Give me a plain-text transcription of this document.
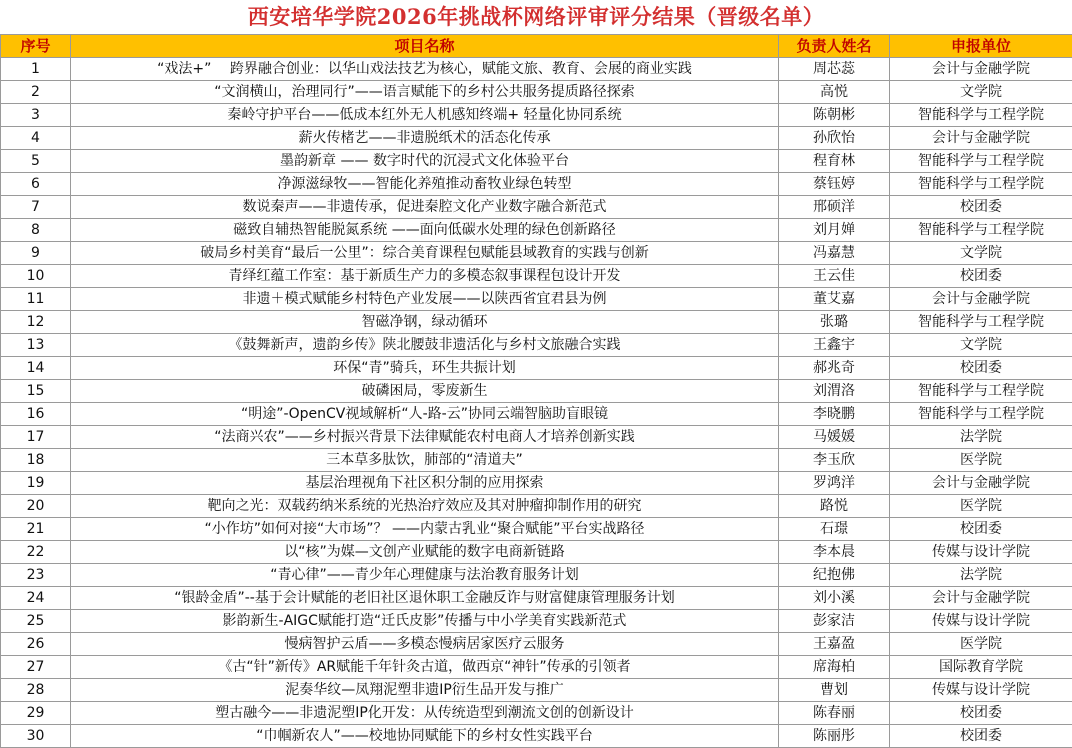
西安培华学院2026年挑战杯网络评审评分结果（晋级名单）
序号	项目名称	负责人姓名	申报单位
1	“戏法+”　 跨界融合创业：以华山戏法技艺为核心，赋能文旅、教育、会展的商业实践	周芯蕊	会计与金融学院
2	“文润横山，治理同行”——语言赋能下的乡村公共服务提质路径探索	高悦	文学院
3	秦岭守护平台——低成本红外无人机感知终端+ 轻量化协同系统	陈朝彬	智能科学与工程学院
4	薪火传楮艺——非遗脱纸术的活态化传承	孙欣怡	会计与金融学院
5	墨韵新章 —— 数字时代的沉浸式文化体验平台	程育林	智能科学与工程学院
6	净源滋绿牧——智能化养殖推动畜牧业绿色转型	蔡钰婷	智能科学与工程学院
7	数说秦声——非遗传承，促进秦腔文化产业数字融合新范式	邢硕洋	校团委
8	磁致自辅热智能脱氮系统 ——面向低碳水处理的绿色创新路径	刘月婵	智能科学与工程学院
9	破局乡村美育“最后一公里”：综合美育课程包赋能县域教育的实践与创新	冯嘉慧	文学院
10	青绎红蕴工作室：基于新质生产力的多模态叙事课程包设计开发	王云佳	校团委
11	非遗＋模式赋能乡村特色产业发展——以陕西省宜君县为例	董艾嘉	会计与金融学院
12	智磁净钢，绿动循环	张璐	智能科学与工程学院
13	《鼓舞新声，遗韵乡传》陕北腰鼓非遗活化与乡村文旅融合实践	王鑫宇	文学院
14	环保“青”骑兵，环生共振计划	郝兆奇	校团委
15	破磷困局，零废新生	刘渭洛	智能科学与工程学院
16	“明途”-OpenCV视域解析“人-路-云”协同云端智脑助盲眼镜	李晓鹏	智能科学与工程学院
17	“法商兴农”——乡村振兴背景下法律赋能农村电商人才培养创新实践	马媛媛	法学院
18	三本草多肽饮，肺部的“清道夫”	李玉欣	医学院
19	基层治理视角下社区积分制的应用探索	罗鸿洋	会计与金融学院
20	靶向之光：双载药纳米系统的光热治疗效应及其对肿瘤抑制作用的研究	路悦	医学院
21	“小作坊”如何对接“大市场”？ ——内蒙古乳业“聚合赋能”平台实战路径	石璟	校团委
22	以“核”为媒—文创产业赋能的数字电商新链路	李本晨	传媒与设计学院
23	“青心律”——青少年心理健康与法治教育服务计划	纪抱佛	法学院
24	“银龄金盾”--基于会计赋能的老旧社区退休职工金融反诈与财富健康管理服务计划	刘小溪	会计与金融学院
25	影韵新生-AIGC赋能打造“迁氏皮影”传播与中小学美育实践新范式	彭家洁	传媒与设计学院
26	慢病智护云盾——多模态慢病居家医疗云服务	王嘉盈	医学院
27	《古“针”新传》AR赋能千年针灸古道，做西京“神针”传承的引领者	席海柏	国际教育学院
28	泥奏华纹—凤翔泥塑非遗IP衍生品开发与推广	曹划	传媒与设计学院
29	塑古融今——非遗泥塑IP化开发：从传统造型到潮流文创的创新设计	陈春丽	校团委
30	“巾帼新农人”——校地协同赋能下的乡村女性实践平台	陈丽彤	校团委
